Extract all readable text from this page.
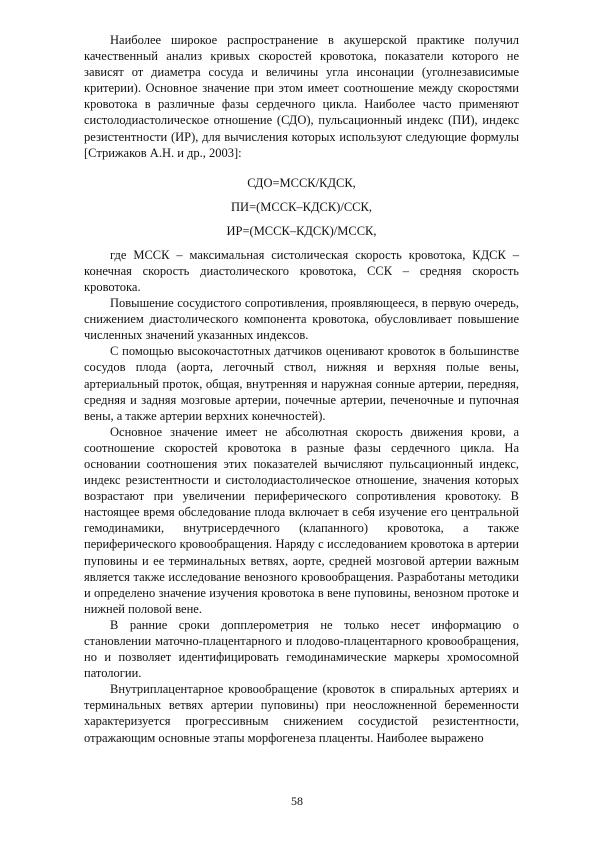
Наиболее широкое распространение в акушерской практике получил качественный анализ кривых скоростей кровотока, показатели которого не зависят от диаметра сосуда и величины угла инсонации (уголнезависимые критерии). Основное значение при этом имеет соотношение между скоростями кровотока в различные фазы сердечного цикла. Наиболее часто применяют систолодиастолическое отношение (СДО), пульсационный индекс (ПИ), индекс резистентности (ИР), для вычисления которых используют следующие формулы [Стрижаков А.Н. и др., 2003]:

СДО=МССК/КДСК,
ПИ=(МССК–КДСК)/ССК,
ИР=(МССК–КДСК)/МССК,

где МССК – максимальная систолическая скорость кровотока, КДСК – конечная скорость диастолического кровотока, ССК – средняя скорость кровотока.

Повышение сосудистого сопротивления, проявляющееся, в первую очередь, снижением диастолического компонента кровотока, обусловливает повышение численных значений указанных индексов.

С помощью высокочастотных датчиков оценивают кровоток в большинстве сосудов плода (аорта, легочный ствол, нижняя и верхняя полые вены, артериальный проток, общая, внутренняя и наружная сонные артерии, передняя, средняя и задняя мозговые артерии, почечные артерии, печеночные и пупочная вены, а также артерии верхних конечностей).

Основное значение имеет не абсолютная скорость движения крови, а соотношение скоростей кровотока в разные фазы сердечного цикла. На основании соотношения этих показателей вычисляют пульсационный индекс, индекс резистентности и систолодиастолическое отношение, значения которых возрастают при увеличении периферического сопротивления кровотоку. В настоящее время обследование плода включает в себя изучение его центральной гемодинамики, внутрисердечного (клапанного) кровотока, а также периферического кровообращения. Наряду с исследованием кровотока в артерии пуповины и ее терминальных ветвях, аорте, средней мозговой артерии важным является также исследование венозного кровообращения. Разработаны методики и определено значение изучения кровотока в вене пуповины, венозном протоке и нижней половой вене.

В ранние сроки допплерометрия не только несет информацию о становлении маточно-плацентарного и плодово-плацентарного кровообращения, но и позволяет идентифицировать гемодинамические маркеры хромосомной патологии.

Внутриплацентарное кровообращение (кровоток в спиральных артериях и терминальных ветвях артерии пуповины) при неосложненной беременности характеризуется прогрессивным снижением сосудистой резистентности, отражающим основные этапы морфогенеза плаценты. Наиболее выражено

58
